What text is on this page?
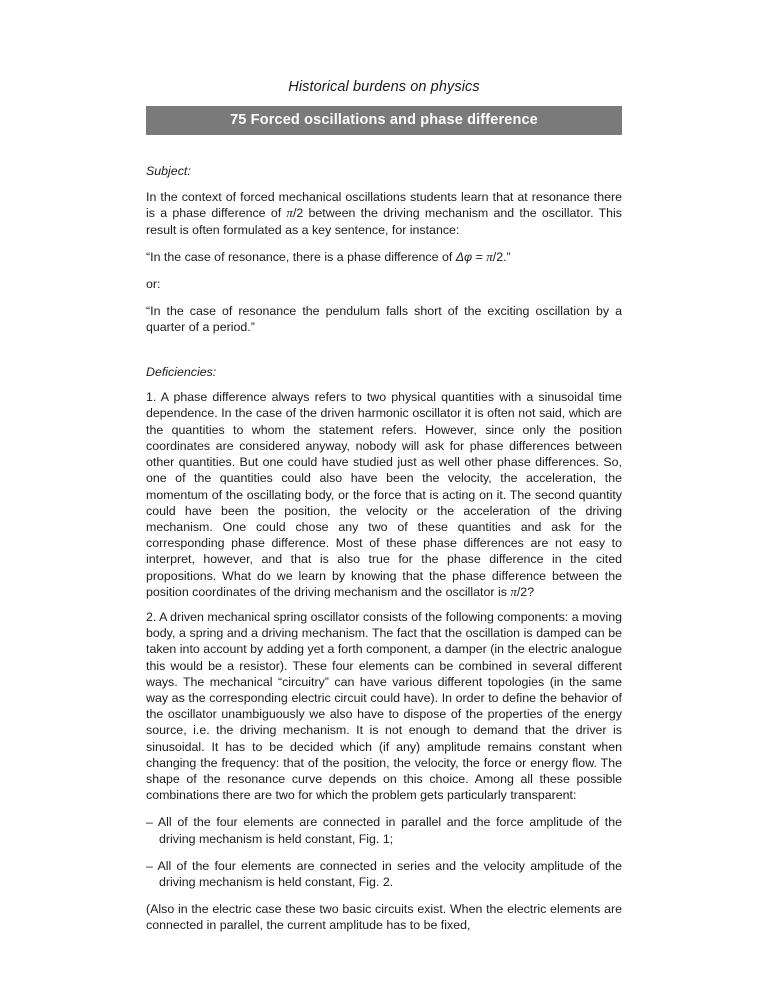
Historical burdens on physics
75 Forced oscillations and phase difference
Subject:

In the context of forced mechanical oscillations students learn that at resonance there is a phase difference of π/2 between the driving mechanism and the oscillator. This result is often formulated as a key sentence, for instance:

“In the case of resonance, there is a phase difference of Δφ = π/2.”

or:

“In the case of resonance the pendulum falls short of the exciting oscillation by a quarter of a period.”

Deficiencies:

1. A phase difference always refers to two physical quantities with a sinusoidal time dependence. In the case of the driven harmonic oscillator it is often not said, which are the quantities to whom the statement refers. However, since only the position coordinates are considered anyway, nobody will ask for phase differences between other quantities. But one could have studied just as well other phase differences. So, one of the quantities could also have been the velocity, the acceleration, the momentum of the oscillating body, or the force that is acting on it. The second quantity could have been the position, the velocity or the acceleration of the driving mechanism. One could chose any two of these quantities and ask for the corresponding phase difference. Most of these phase differences are not easy to interpret, however, and that is also true for the phase difference in the cited propositions. What do we learn by knowing that the phase difference between the position coordinates of the driving mechanism and the oscillator is π/2?

2. A driven mechanical spring oscillator consists of the following components: a moving body, a spring and a driving mechanism. The fact that the oscillation is damped can be taken into account by adding yet a forth component, a damper (in the electric analogue this would be a resistor). These four elements can be combined in several different ways. The mechanical “circuitry” can have various different topologies (in the same way as the corresponding electric circuit could have). In order to define the behavior of the oscillator unambiguously we also have to dispose of the properties of the energy source, i.e. the driving mechanism. It is not enough to demand that the driver is sinusoidal. It has to be decided which (if any) amplitude remains constant when changing the frequency: that of the position, the velocity, the force or energy flow. The shape of the resonance curve depends on this choice. Among all these possible combinations there are two for which the problem gets particularly transparent:

– All of the four elements are connected in parallel and the force amplitude of the driving mechanism is held constant, Fig. 1;

– All of the four elements are connected in series and the velocity amplitude of the driving mechanism is held constant, Fig. 2.

(Also in the electric case these two basic circuits exist. When the electric elements are connected in parallel, the current amplitude has to be fixed,
